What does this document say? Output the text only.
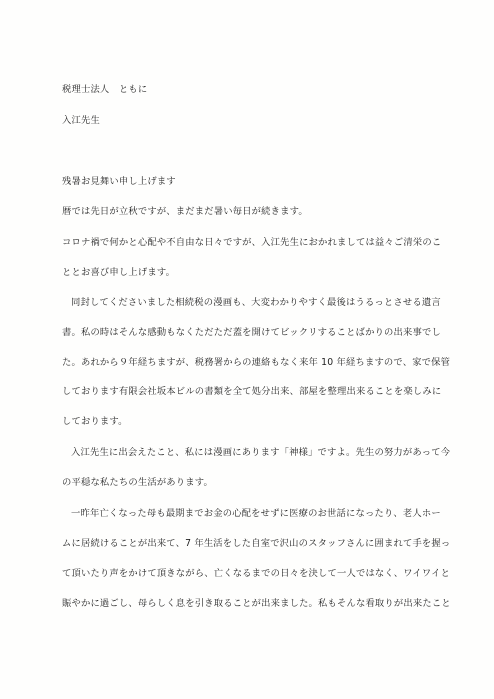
税理士法人　ともに
入江先生
残暑お見舞い申し上げます
暦では先日が立秋ですが、まだまだ暑い毎日が続きます。
コロナ禍で何かと心配や不自由な日々ですが、入江先生におかれましては益々ご清栄のこ
ととお喜び申し上げます。
同封してくださいました相続税の漫画も、大変わかりやすく最後はうるっとさせる遺言
書。私の時はそんな感動もなくただただ蓋を開けてビックリすることばかりの出来事でし
た。あれから９年経ちますが、税務署からの連絡もなく来年 10 年経ちますので、家で保管
しております有限会社坂本ビルの書類を全て処分出来、部屋を整理出来ることを楽しみに
しております。
入江先生に出会えたこと、私には漫画にあります「神様」ですよ。先生の努力があって今
の平穏な私たちの生活があります。
一昨年亡くなった母も最期までお金の心配をせずに医療のお世話になったり、老人ホー
ムに居続けることが出来て、7 年生活をした自室で沢山のスタッフさんに囲まれて手を握っ
て頂いたり声をかけて頂きながら、亡くなるまでの日々を決して一人ではなく、ワイワイと
賑やかに過ごし、母らしく息を引き取ることが出来ました。私もそんな看取りが出来たこと
